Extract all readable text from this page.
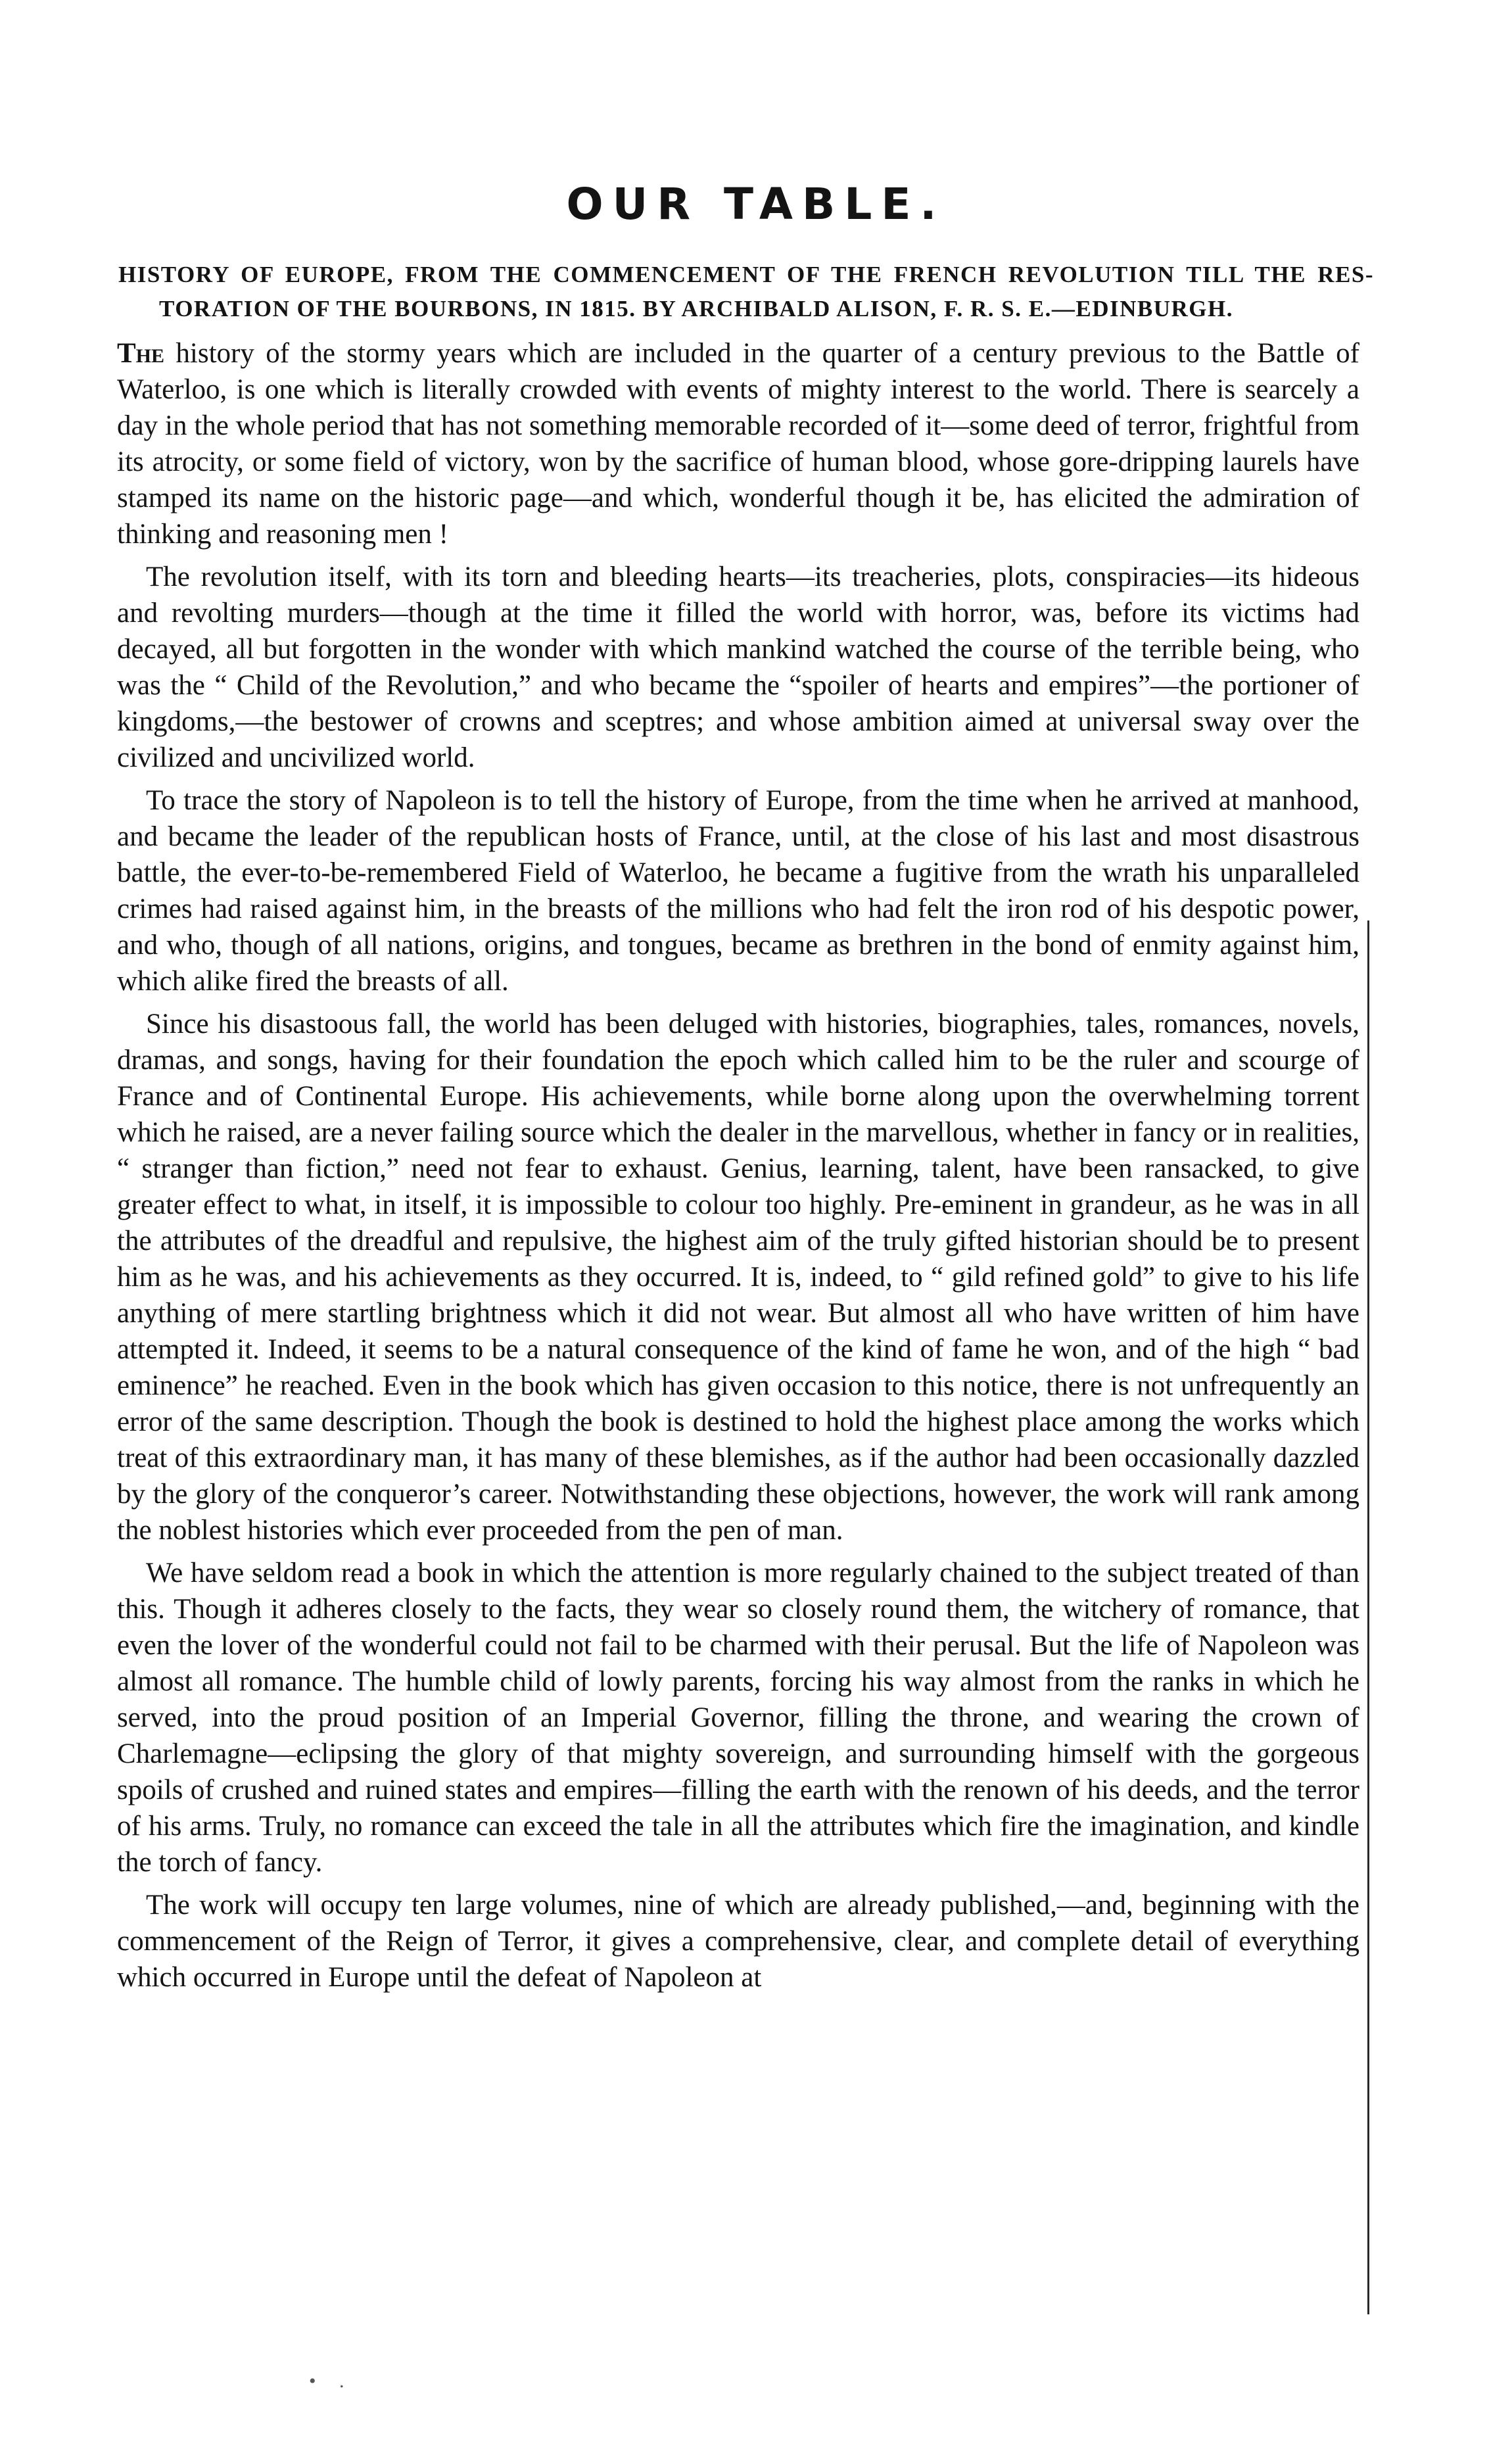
OUR TABLE.
HISTORY OF EUROPE, FROM THE COMMENCEMENT OF THE FRENCH REVOLUTION TILL THE RES-
TORATION OF THE BOURBONS, IN 1815. BY ARCHIBALD ALISON, F. R. S. E.—EDINBURGH.

The history of the stormy years which are included in the quarter of a century previous to the Battle of Waterloo, is one which is literally crowded with events of mighty interest to the world. There is searcely a day in the whole period that has not something memorable recorded of it—some deed of terror, frightful from its atrocity, or some field of victory, won by the sacrifice of human blood, whose gore-dripping laurels have stamped its name on the historic page—and which, wonderful though it be, has elicited the admiration of thinking and reasoning men !

The revolution itself, with its torn and bleeding hearts—its treacheries, plots, conspiracies—its hideous and revolting murders—though at the time it filled the world with horror, was, before its victims had decayed, all but forgotten in the wonder with which mankind watched the course of the terrible being, who was the “ Child of the Revolution,” and who became the “spoiler of hearts and empires”—the portioner of kingdoms,—the bestower of crowns and sceptres; and whose ambition aimed at universal sway over the civilized and uncivilized world.

To trace the story of Napoleon is to tell the history of Europe, from the time when he arrived at manhood, and became the leader of the republican hosts of France, until, at the close of his last and most disastrous battle, the ever-to-be-remembered Field of Waterloo, he became a fugitive from the wrath his unparalleled crimes had raised against him, in the breasts of the millions who had felt the iron rod of his despotic power, and who, though of all nations, origins, and tongues, became as brethren in the bond of enmity against him, which alike fired the breasts of all.

Since his disastoous fall, the world has been deluged with histories, biographies, tales, romances, novels, dramas, and songs, having for their foundation the epoch which called him to be the ruler and scourge of France and of Continental Europe. His achievements, while borne along upon the overwhelming torrent which he raised, are a never failing source which the dealer in the marvellous, whether in fancy or in realities, “ stranger than fiction,” need not fear to exhaust. Genius, learning, talent, have been ransacked, to give greater effect to what, in itself, it is impossible to colour too highly. Pre-eminent in grandeur, as he was in all the attributes of the dreadful and repulsive, the highest aim of the truly gifted historian should be to present him as he was, and his achievements as they occurred. It is, indeed, to “ gild refined gold” to give to his life anything of mere startling brightness which it did not wear. But almost all who have written of him have attempted it. Indeed, it seems to be a natural consequence of the kind of fame he won, and of the high “ bad eminence” he reached. Even in the book which has given occasion to this notice, there is not unfrequently an error of the same description. Though the book is destined to hold the highest place among the works which treat of this extraordinary man, it has many of these blemishes, as if the author had been occasionally dazzled by the glory of the conqueror’s career. Notwithstanding these objections, however, the work will rank among the noblest histories which ever proceeded from the pen of man.

We have seldom read a book in which the attention is more regularly chained to the subject treated of than this. Though it adheres closely to the facts, they wear so closely round them, the witchery of romance, that even the lover of the wonderful could not fail to be charmed with their perusal. But the life of Napoleon was almost all romance. The humble child of lowly parents, forcing his way almost from the ranks in which he served, into the proud position of an Imperial Governor, filling the throne, and wearing the crown of Charlemagne—eclipsing the glory of that mighty sovereign, and surrounding himself with the gorgeous spoils of crushed and ruined states and empires—filling the earth with the renown of his deeds, and the terror of his arms. Truly, no romance can exceed the tale in all the attributes which fire the imagination, and kindle the torch of fancy.

The work will occupy ten large volumes, nine of which are already published,—and, beginning with the commencement of the Reign of Terror, it gives a comprehensive, clear, and complete detail of everything which occurred in Europe until the defeat of Napoleon at

• .
